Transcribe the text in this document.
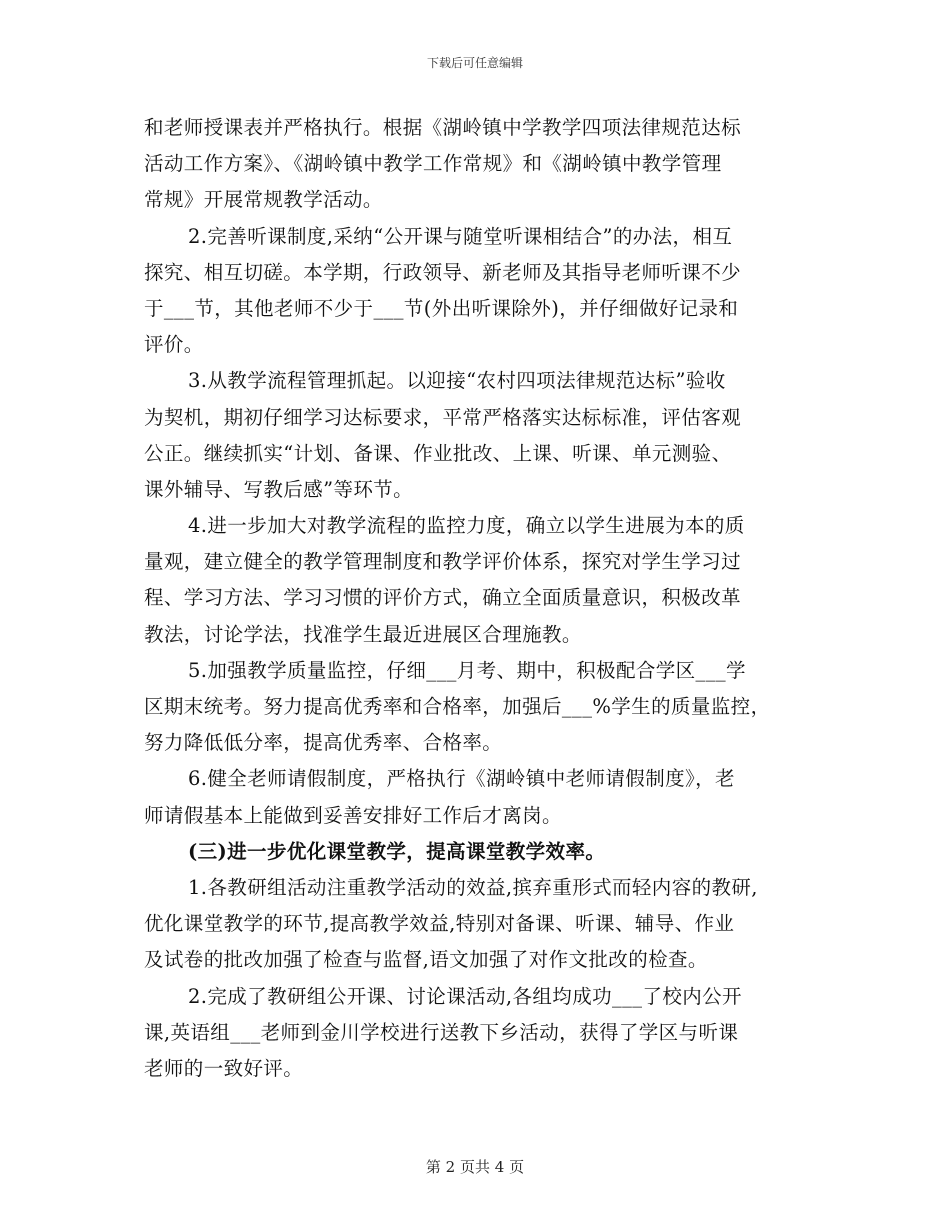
下载后可任意编辑
和老师授课表并严格执行。根据《湖岭镇中学教学四项法律规范达标
活动工作方案》、《湖岭镇中教学工作常规》和《湖岭镇中教学管理
常规》开展常规教学活动。
2.完善听课制度,采纳“公开课与随堂听课相结合”的办法，相互
探究、相互切磋。本学期，行政领导、新老师及其指导老师听课不少
于___节，其他老师不少于___节(外出听课除外)，并仔细做好记录和
评价。
3.从教学流程管理抓起。以迎接“农村四项法律规范达标”验收
为契机，期初仔细学习达标要求，平常严格落实达标标准，评估客观
公正。继续抓实“计划、备课、作业批改、上课、听课、单元测验、
课外辅导、写教后感”等环节。
4.进一步加大对教学流程的监控力度，确立以学生进展为本的质
量观，建立健全的教学管理制度和教学评价体系，探究对学生学习过
程、学习方法、学习习惯的评价方式，确立全面质量意识，积极改革
教法，讨论学法，找准学生最近进展区合理施教。
5.加强教学质量监控，仔细___月考、期中，积极配合学区___学
区期末统考。努力提高优秀率和合格率，加强后___%学生的质量监控，
努力降低低分率，提高优秀率、合格率。
6.健全老师请假制度，严格执行《湖岭镇中老师请假制度》，老
师请假基本上能做到妥善安排好工作后才离岗。
(三)进一步优化课堂教学，提高课堂教学效率。
1.各教研组活动注重教学活动的效益,摈弃重形式而轻内容的教研,
优化课堂教学的环节,提高教学效益,特别对备课、听课、辅导、作业
及试卷的批改加强了检查与监督,语文加强了对作文批改的检查。
2.完成了教研组公开课、讨论课活动,各组均成功___了校内公开
课,英语组___老师到金川学校进行送教下乡活动，获得了学区与听课
老师的一致好评。
第 2 页共 4 页
